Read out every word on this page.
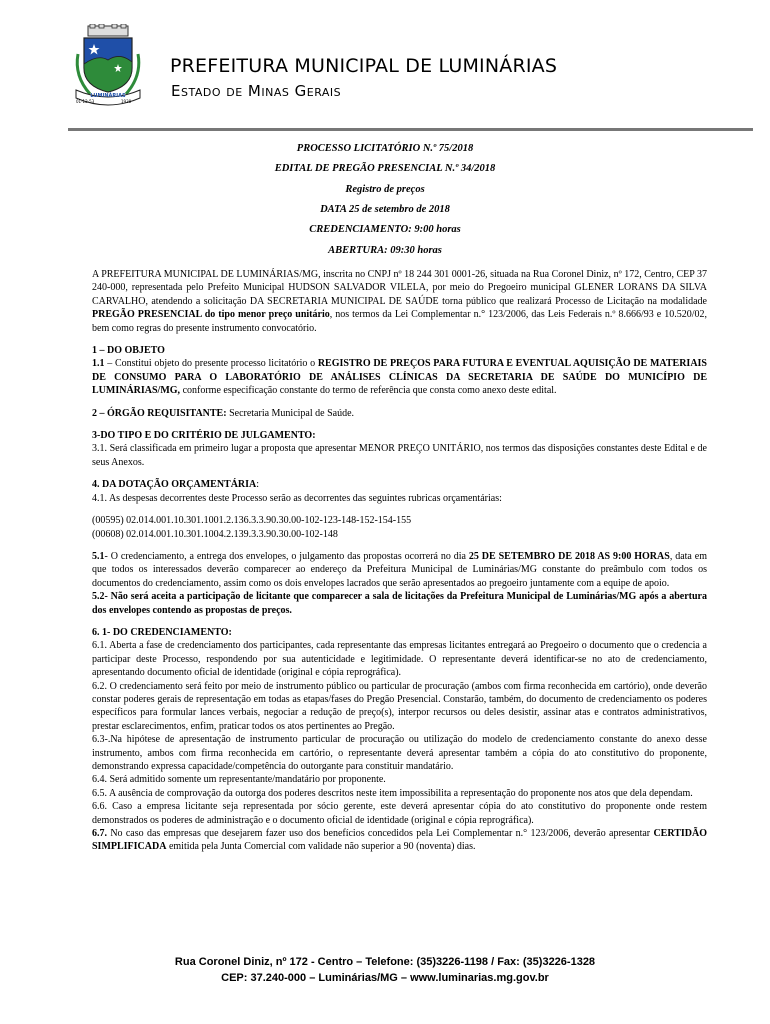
LUMINÁRIAS
01-12-53	1938
PREFEITURA MUNICIPAL DE LUMINÁRIAS
Estado de Minas Gerais
PROCESSO LICITATÓRIO N.º 75/2018
EDITAL DE PREGÃO PRESENCIAL N.º 34/2018
Registro de preços
DATA 25 de setembro de 2018
CREDENCIAMENTO: 9:00 horas
ABERTURA: 09:30 horas

A PREFEITURA MUNICIPAL DE LUMINÁRIAS/MG, inscrita no CNPJ nº 18 244 301 0001-26, situada na Rua Coronel Diniz, nº 172, Centro, CEP 37 240-000, representada pelo Prefeito Municipal HUDSON SALVADOR VILELA, por meio do Pregoeiro municipal GLENER LORANS DA SILVA CARVALHO, atendendo a solicitação DA SECRETARIA MUNICIPAL DE SAÚDE torna público que realizará Processo de Licitação na modalidade PREGÃO PRESENCIAL do tipo menor preço unitário, nos termos da Lei Complementar n.° 123/2006, das Leis Federais n.º 8.666/93 e 10.520/02, bem como regras do presente instrumento convocatório.

1 – DO OBJETO

1.1 – Constitui objeto do presente processo licitatório o REGISTRO DE PREÇOS PARA FUTURA E EVENTUAL AQUISIÇÃO DE MATERIAIS DE CONSUMO PARA O LABORATÓRIO DE ANÁLISES CLÍNICAS DA SECRETARIA DE SAÚDE DO MUNICÍPIO DE LUMINÁRIAS/MG, conforme especificação constante do termo de referência que consta como anexo deste edital.

2 – ÓRGÃO REQUISITANTE: Secretaria Municipal de Saúde.

3-DO TIPO E DO CRITÉRIO DE JULGAMENTO:

3.1. Será classificada em primeiro lugar a proposta que apresentar MENOR PREÇO UNITÁRIO, nos termos das disposições constantes deste Edital e de seus Anexos.

4. DA DOTAÇÃO ORÇAMENTÁRIA:

4.1. As despesas decorrentes deste Processo serão as decorrentes das seguintes rubricas orçamentárias:

(00595) 02.014.001.10.301.1001.2.136.3.3.90.30.00-102-123-148-152-154-155

(00608) 02.014.001.10.301.1004.2.139.3.3.90.30.00-102-148

5.1- O credenciamento, a entrega dos envelopes, o julgamento das propostas ocorrerá no dia 25 DE SETEMBRO DE 2018 AS 9:00 HORAS, data em que todos os interessados deverão comparecer ao endereço da Prefeitura Municipal de Luminárias/MG constante do preâmbulo com todos os documentos do credenciamento, assim como os dois envelopes lacrados que serão apresentados ao pregoeiro juntamente com a equipe de apoio.

5.2- Não será aceita a participação de licitante que comparecer a sala de licitações da Prefeitura Municipal de Luminárias/MG após a abertura dos envelopes contendo as propostas de preços.

6. 1- DO CREDENCIAMENTO:

6.1. Aberta a fase de credenciamento dos participantes, cada representante das empresas licitantes entregará ao Pregoeiro o documento que o credencia a participar deste Processo, respondendo por sua autenticidade e legitimidade. O representante deverá identificar-se no ato de credenciamento, apresentando documento oficial de identidade (original e cópia reprográfica).

6.2. O credenciamento será feito por meio de instrumento público ou particular de procuração (ambos com firma reconhecida em cartório), onde deverão constar poderes gerais de representação em todas as etapas/fases do Pregão Presencial. Constarão, também, do documento de credenciamento os poderes específicos para formular lances verbais, negociar a redução de preço(s), interpor recursos ou deles desistir, assinar atas e contratos administrativos, prestar esclarecimentos, enfim, praticar todos os atos pertinentes ao Pregão.

6.3-.Na hipótese de apresentação de instrumento particular de procuração ou utilização do modelo de credenciamento constante do anexo desse instrumento, ambos com firma reconhecida em cartório, o representante deverá apresentar também a cópia do ato constitutivo do proponente, demonstrando expressa capacidade/competência do outorgante para constituir mandatário.

6.4. Será admitido somente um representante/mandatário por proponente.

6.5. A ausência de comprovação da outorga dos poderes descritos neste item impossibilita a representação do proponente nos atos que dela dependam.

6.6. Caso a empresa licitante seja representada por sócio gerente, este deverá apresentar cópia do ato constitutivo do proponente onde restem demonstrados os poderes de administração e o documento oficial de identidade (original e cópia reprográfica).

6.7. No caso das empresas que desejarem fazer uso dos benefícios concedidos pela Lei Complementar n.° 123/2006, deverão apresentar CERTIDÃO SIMPLIFICADA emitida pela Junta Comercial com validade não superior a 90 (noventa) dias.

Rua Coronel Diniz, nº 172 - Centro – Telefone: (35)3226-1198 / Fax: (35)3226-1328
CEP: 37.240-000 – Luminárias/MG – www.luminarias.mg.gov.br
